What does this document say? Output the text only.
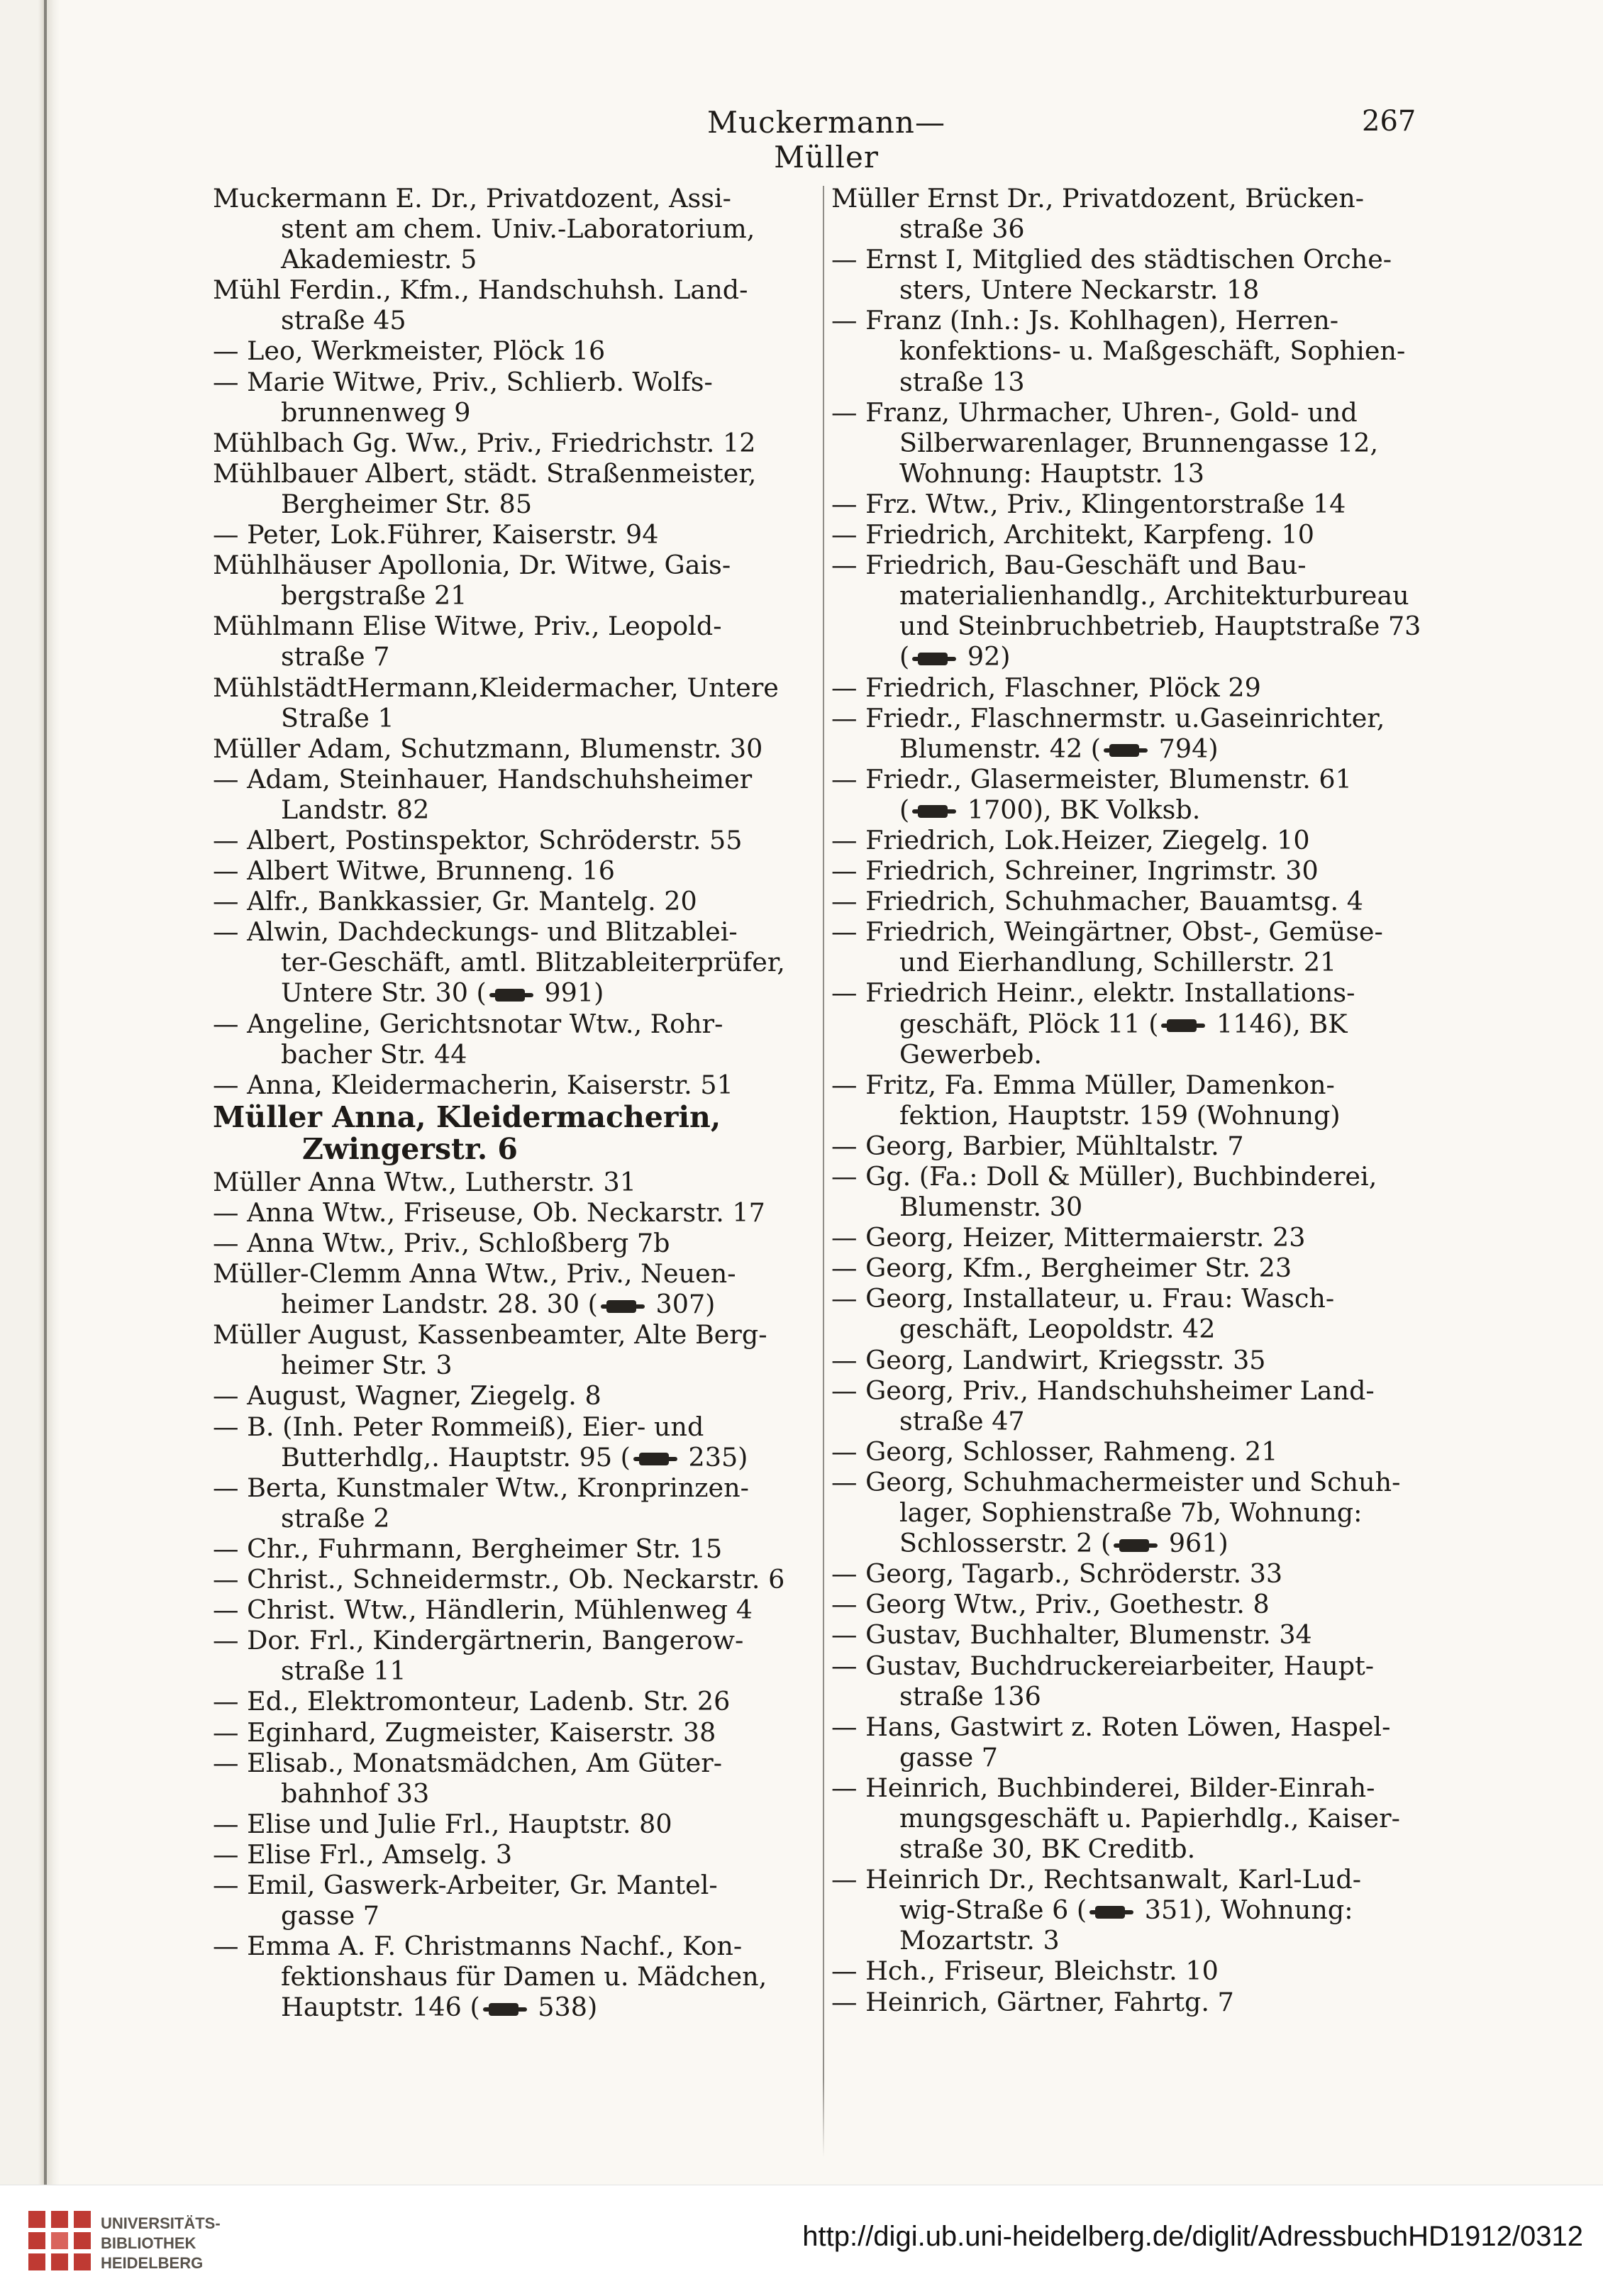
Muckermann—Müller
267

Muckermann E. Dr., Privatdozent, Assi-
stent am chem. Univ.-Laboratorium,
Akademiestr. 5

Mühl Ferdin., Kfm., Handschuhsh. Land-
straße 45

— Leo, Werkmeister, Plöck 16

— Marie Witwe, Priv., Schlierb. Wolfs-
brunnenweg 9

Mühlbach Gg. Ww., Priv., Friedrichstr. 12

Mühlbauer Albert, städt. Straßenmeister,
Bergheimer Str. 85

— Peter, Lok.Führer, Kaiserstr. 94

Mühlhäuser Apollonia, Dr. Witwe, Gais-
bergstraße 21

Mühlmann Elise Witwe, Priv., Leopold-
straße 7

MühlstädtHermann,Kleidermacher, Untere
Straße 1

Müller Adam, Schutzmann, Blumenstr. 30

— Adam, Steinhauer, Handschuhsheimer
Landstr. 82

— Albert, Postinspektor, Schröderstr. 55

— Albert Witwe, Brunneng. 16

— Alfr., Bankkassier, Gr. Mantelg. 20

— Alwin, Dachdeckungs- und Blitzablei-
ter-Geschäft, amtl. Blitzableiterprüfer,
Untere Str. 30 ( 991)

— Angeline, Gerichtsnotar Wtw., Rohr-
bacher Str. 44

— Anna, Kleidermacherin, Kaiserstr. 51

Müller Anna, Kleidermacherin,
Zwingerstr. 6

Müller Anna Wtw., Lutherstr. 31

— Anna Wtw., Friseuse, Ob. Neckarstr. 17

— Anna Wtw., Priv., Schloßberg 7b

Müller-Clemm Anna Wtw., Priv., Neuen-
heimer Landstr. 28. 30 ( 307)

Müller August, Kassenbeamter, Alte Berg-
heimer Str. 3

— August, Wagner, Ziegelg. 8

— B. (Inh. Peter Rommeiß), Eier- und
Butterhdlg,. Hauptstr. 95 ( 235)

— Berta, Kunstmaler Wtw., Kronprinzen-
straße 2

— Chr., Fuhrmann, Bergheimer Str. 15

— Christ., Schneidermstr., Ob. Neckarstr. 6

— Christ. Wtw., Händlerin, Mühlenweg 4

— Dor. Frl., Kindergärtnerin, Bangerow-
straße 11

— Ed., Elektromonteur, Ladenb. Str. 26

— Eginhard, Zugmeister, Kaiserstr. 38

— Elisab., Monatsmädchen, Am Güter-
bahnhof 33

— Elise und Julie Frl., Hauptstr. 80

— Elise Frl., Amselg. 3

— Emil, Gaswerk-Arbeiter, Gr. Mantel-
gasse 7

— Emma A. F. Christmanns Nachf., Kon-
fektionshaus für Damen u. Mädchen,
Hauptstr. 146 ( 538)

Müller Ernst Dr., Privatdozent, Brücken-
straße 36

— Ernst I, Mitglied des städtischen Orche-
sters, Untere Neckarstr. 18

— Franz (Inh.: Js. Kohlhagen), Herren-
konfektions- u. Maßgeschäft, Sophien-
straße 13

— Franz, Uhrmacher, Uhren-, Gold- und
Silberwarenlager, Brunnengasse 12,
Wohnung: Hauptstr. 13

— Frz. Wtw., Priv., Klingentorstraße 14

— Friedrich, Architekt, Karpfeng. 10

— Friedrich, Bau-Geschäft und Bau-
materialienhandlg., Architekturbureau
und Steinbruchbetrieb, Hauptstraße 73
( 92)

— Friedrich, Flaschner, Plöck 29

— Friedr., Flaschnermstr. u.Gaseinrichter,
Blumenstr. 42 ( 794)

— Friedr., Glasermeister, Blumenstr. 61
( 1700), BK Volksb.

— Friedrich, Lok.Heizer, Ziegelg. 10

— Friedrich, Schreiner, Ingrimstr. 30

— Friedrich, Schuhmacher, Bauamtsg. 4

— Friedrich, Weingärtner, Obst-, Gemüse-
und Eierhandlung, Schillerstr. 21

— Friedrich Heinr., elektr. Installations-
geschäft, Plöck 11 ( 1146), BK
Gewerbeb.

— Fritz, Fa. Emma Müller, Damenkon-
fektion, Hauptstr. 159 (Wohnung)

— Georg, Barbier, Mühltalstr. 7

— Gg. (Fa.: Doll & Müller), Buchbinderei,
Blumenstr. 30

— Georg, Heizer, Mittermaierstr. 23

— Georg, Kfm., Bergheimer Str. 23

— Georg, Installateur, u. Frau: Wasch-
geschäft, Leopoldstr. 42

— Georg, Landwirt, Kriegsstr. 35

— Georg, Priv., Handschuhsheimer Land-
straße 47

— Georg, Schlosser, Rahmeng. 21

— Georg, Schuhmachermeister und Schuh-
lager, Sophienstraße 7b, Wohnung:
Schlosserstr. 2 ( 961)

— Georg, Tagarb., Schröderstr. 33

— Georg Wtw., Priv., Goethestr. 8

— Gustav, Buchhalter, Blumenstr. 34

— Gustav, Buchdruckereiarbeiter, Haupt-
straße 136

— Hans, Gastwirt z. Roten Löwen, Haspel-
gasse 7

— Heinrich, Buchbinderei, Bilder-Einrah-
mungsgeschäft u. Papierhdlg., Kaiser-
straße 30, BK Creditb.

— Heinrich Dr., Rechtsanwalt, Karl-Lud-
wig-Straße 6 ( 351), Wohnung:
Mozartstr. 3

— Hch., Friseur, Bleichstr. 10

— Heinrich, Gärtner, Fahrtg. 7

UNIVERSITÄTS-
BIBLIOTHEK
HEIDELBERG
http://digi.ub.uni-heidelberg.de/diglit/AdressbuchHD1912/0312
